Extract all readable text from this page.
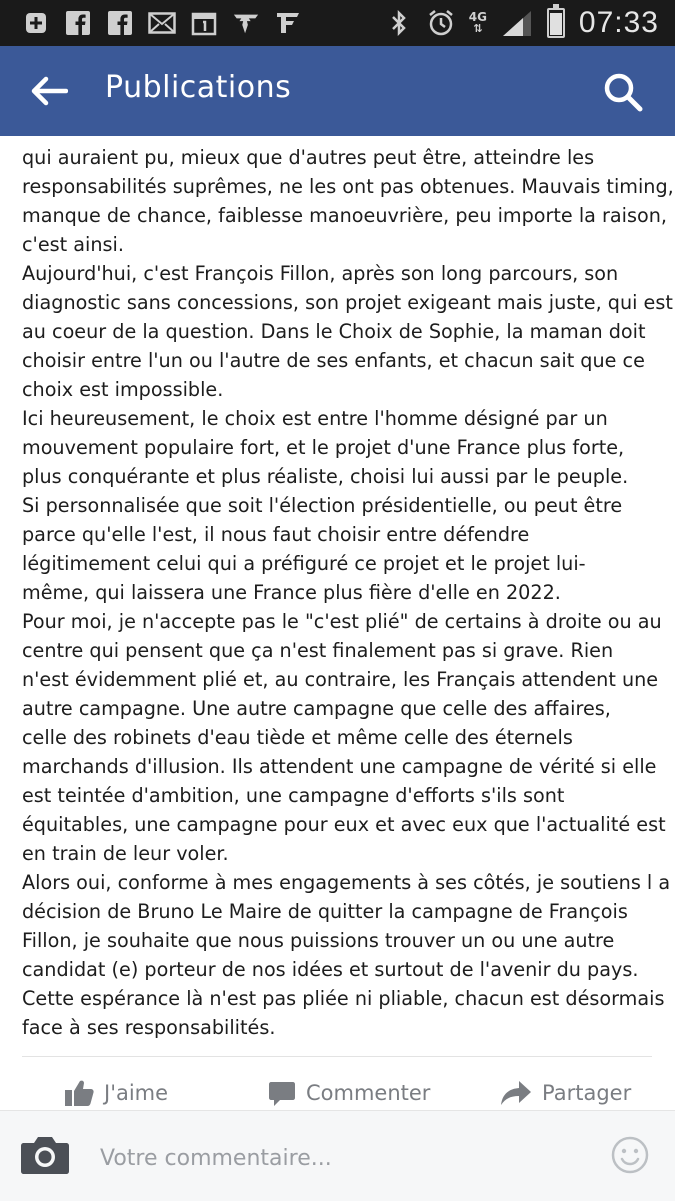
4G
⇅	07:33
Publications

qui auraient pu, mieux que d'autres peut être, atteindre les

responsabilités suprêmes, ne les ont pas obtenues. Mauvais timing,

manque de chance, faiblesse manoeuvrière, peu importe la raison,

c'est ainsi.

Aujourd'hui, c'est François Fillon, après son long parcours, son

diagnostic sans concessions, son projet exigeant mais juste, qui est

au coeur de la question. Dans le Choix de Sophie, la maman doit

choisir entre l'un ou l'autre de ses enfants, et chacun sait que ce

choix est impossible.

Ici heureusement, le choix est entre l'homme désigné par un

mouvement populaire fort, et le projet d'une France plus forte,

plus conquérante et plus réaliste, choisi lui aussi par le peuple.

Si personnalisée que soit l'élection présidentielle, ou peut être

parce qu'elle l'est, il nous faut choisir entre défendre

légitimement celui qui a préfiguré ce projet et le projet lui-

même, qui laissera une France plus fière d'elle en 2022.

Pour moi, je n'accepte pas le "c'est plié" de certains à droite ou au

centre qui pensent que ça n'est finalement pas si grave. Rien

n'est évidemment plié et, au contraire, les Français attendent une

autre campagne. Une autre campagne que celle des affaires,

celle des robinets d'eau tiède et même celle des éternels

marchands d'illusion. Ils attendent une campagne de vérité si elle

est teintée d'ambition, une campagne d'efforts s'ils sont

équitables, une campagne pour eux et avec eux que l'actualité est

en train de leur voler.

Alors oui, conforme à mes engagements à ses côtés, je soutiens l a

décision de Bruno Le Maire de quitter la campagne de François

Fillon, je souhaite que nous puissions trouver un ou une autre

candidat (e) porteur de nos idées et surtout de l'avenir du pays.

Cette espérance là n'est pas pliée ni pliable, chacun est désormais

face à ses responsabilités.

J'aime	Commenter	Partager
Votre commentaire...
